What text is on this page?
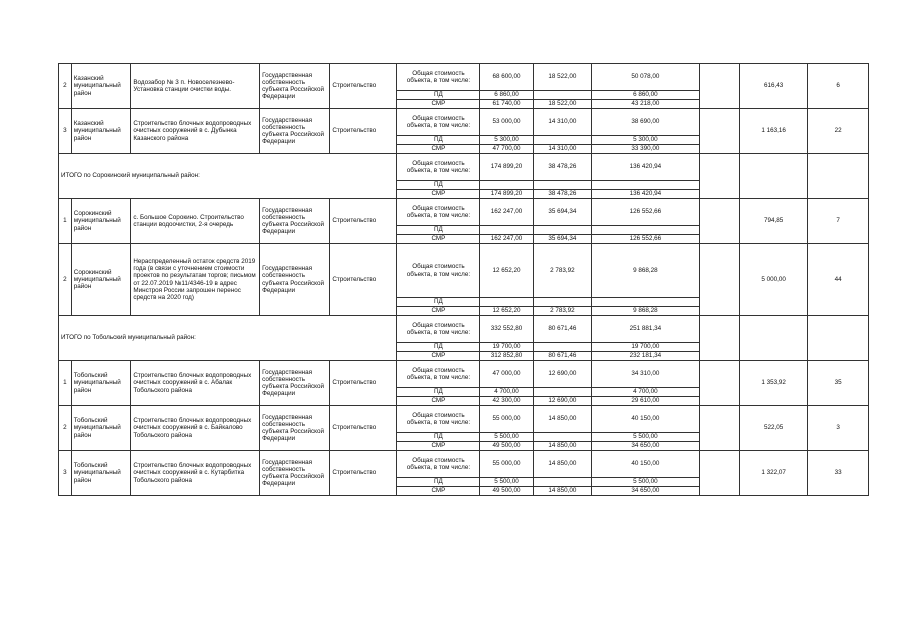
2	Казанский муниципальный район	Водозабор № 3 п. Новоселезнево-Установка станции очистки воды.	Государственная собственность субъекта Российской Федерации	Строительство	Общая стоимость объекта, в том числе:	68 600,00	18 522,00	50 078,00		616,43	6
					ПД	6 860,00		6 860,00			
					СМР	61 740,00	18 522,00	43 218,00			
3	Казанский муниципальный район	Строительство блочных водопроводных очистных сооружений в с. Дубынка Казанского района	Государственная собственность субъекта Российской Федерации	Строительство	Общая стоимость объекта, в том числе:	53 000,00	14 310,00	38 690,00		1 163,16	22
					ПД	5 300,00		5 300,00			
					СМР	47 700,00	14 310,00	33 390,00			
ИТОГО по Сорокинский муниципальный район:					Общая стоимость объекта, в том числе:	174 899,20	38 478,26	136 420,94			
					ПД						
					СМР	174 899,20	38 478,26	136 420,94			
1	Сорокинский муниципальный район	с. Большое Сорокино. Строительство станции водоочистки, 2-я очередь	Государственная собственность субъекта Российской Федерации	Строительство	Общая стоимость объекта, в том числе:	162 247,00	35 694,34	126 552,66		794,85	7
					ПД						
					СМР	162 247,00	35 694,34	126 552,66			
2	Сорокинский муниципальный район	Нераспределенный остаток средств 2019 года (в связи с уточнением стоимости проектов по результатам торгов; письмом от 22.07.2019 №11/4346-19 в адрес Минстроя России запрошен перенос средств на 2020 год)	Государственная собственность субъекта Российской Федерации	Строительство	Общая стоимость объекта, в том числе:	12 652,20	2 783,92	9 868,28		5 000,00	44
					ПД						
					СМР	12 652,20	2 783,92	9 868,28			
ИТОГО по Тобольский муниципальный район:					Общая стоимость объекта, в том числе:	332 552,80	80 671,46	251 881,34			
					ПД	19 700,00		19 700,00			
					СМР	312 852,80	80 671,46	232 181,34			
1	Тобольский муниципальный район	Строительство блочных водопроводных очистных сооружений в с. Абалак Тобольского района	Государственная собственность субъекта Российской Федерации	Строительство	Общая стоимость объекта, в том числе:	47 000,00	12 690,00	34 310,00		1 353,92	35
					ПД	4 700,00		4 700,00			
					СМР	42 300,00	12 690,00	29 610,00			
2	Тобольский муниципальный район	Строительство блочных водопроводных очистных сооружений в с. Байкалово Тобольского района	Государственная собственность субъекта Российской Федерации	Строительство	Общая стоимость объекта, в том числе:	55 000,00	14 850,00	40 150,00		522,05	3
					ПД	5 500,00		5 500,00			
					СМР	49 500,00	14 850,00	34 650,00			
3	Тобольский муниципальный район	Строительство блочных водопроводных очистных сооружений в с. Кутарбитка Тобольского района	Государственная собственность субъекта Российской Федерации	Строительство	Общая стоимость объекта, в том числе:	55 000,00	14 850,00	40 150,00		1 322,07	33
					ПД	5 500,00		5 500,00			
					СМР	49 500,00	14 850,00	34 650,00			
